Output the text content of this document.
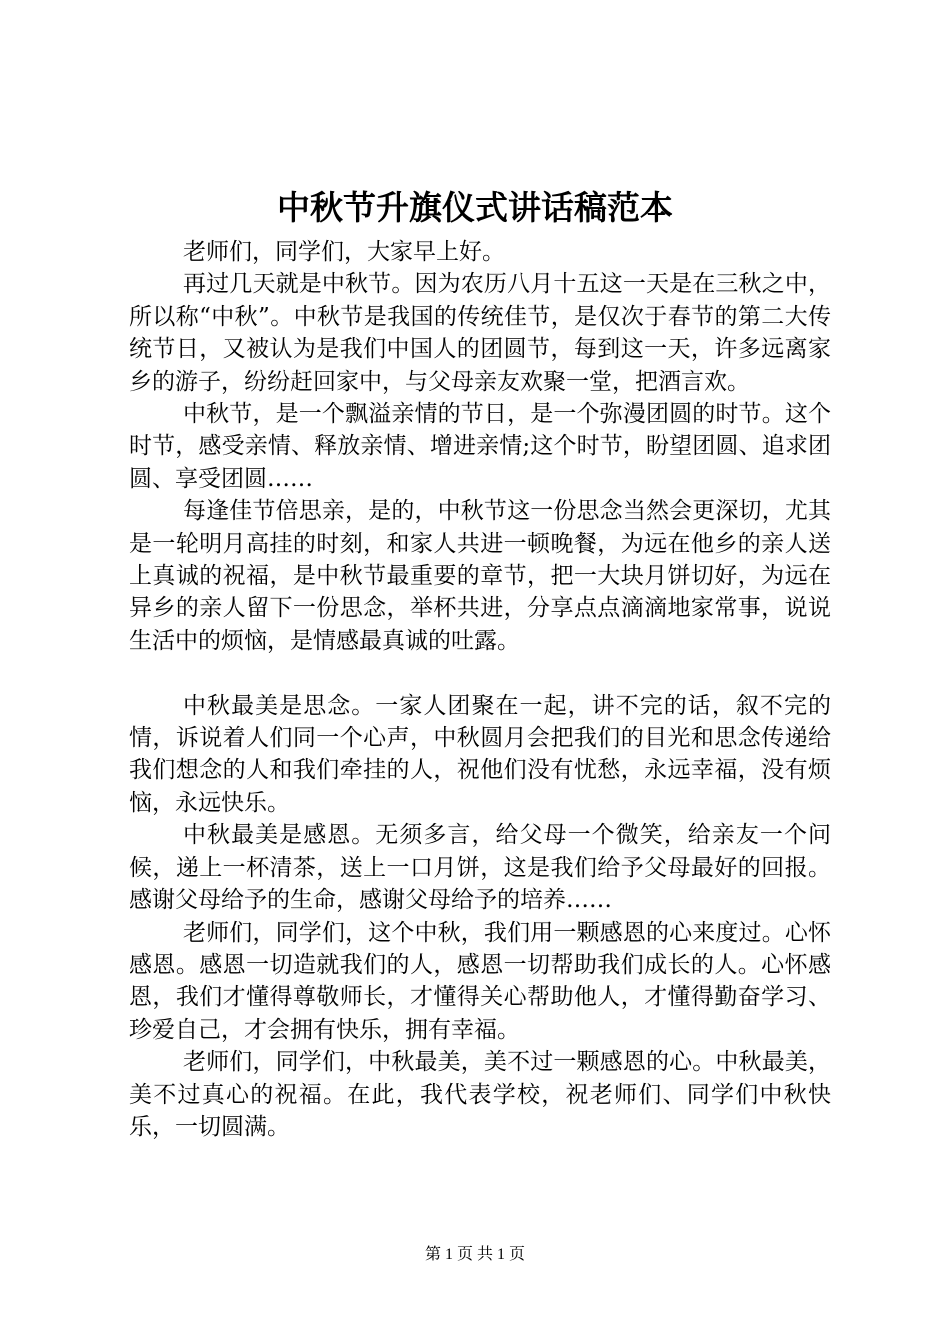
中秋节升旗仪式讲话稿范本

老师们，同学们，大家早上好。

再过几天就是中秋节。因为农历八月十五这一天是在三秋之中，所以称“中秋”。中秋节是我国的传统佳节，是仅次于春节的第二大传统节日，又被认为是我们中国人的团圆节，每到这一天，许多远离家乡的游子，纷纷赶回家中，与父母亲友欢聚一堂，把酒言欢。

中秋节，是一个飘溢亲情的节日，是一个弥漫团圆的时节。这个时节，感受亲情、释放亲情、增进亲情;这个时节，盼望团圆、追求团圆、享受团圆……

每逢佳节倍思亲，是的，中秋节这一份思念当然会更深切，尤其是一轮明月高挂的时刻，和家人共进一顿晚餐，为远在他乡的亲人送上真诚的祝福，是中秋节最重要的章节，把一大块月饼切好，为远在异乡的亲人留下一份思念，举杯共进，分享点点滴滴地家常事，说说生活中的烦恼，是情感最真诚的吐露。

中秋最美是思念。一家人团聚在一起，讲不完的话，叙不完的情，诉说着人们同一个心声，中秋圆月会把我们的目光和思念传递给我们想念的人和我们牵挂的人，祝他们没有忧愁，永远幸福，没有烦恼，永远快乐。

中秋最美是感恩。无须多言，给父母一个微笑，给亲友一个问候，递上一杯清茶，送上一口月饼，这是我们给予父母最好的回报。感谢父母给予的生命，感谢父母给予的培养……

老师们，同学们，这个中秋，我们用一颗感恩的心来度过。心怀感恩。感恩一切造就我们的人，感恩一切帮助我们成长的人。心怀感恩，我们才懂得尊敬师长，才懂得关心帮助他人，才懂得勤奋学习、珍爱自己，才会拥有快乐，拥有幸福。

老师们，同学们，中秋最美，美不过一颗感恩的心。中秋最美，美不过真心的祝福。在此，我代表学校，祝老师们、同学们中秋快乐，一切圆满。

第 1 页 共 1 页
